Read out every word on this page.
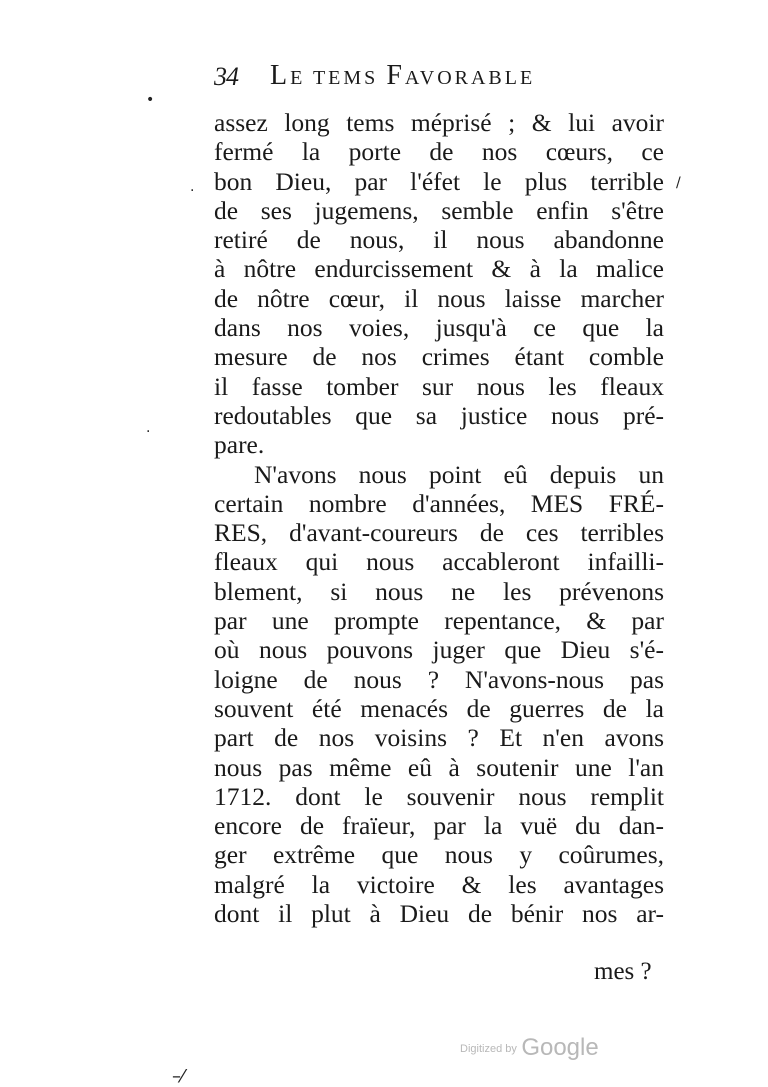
34 LE TEMS FAVORABLE
assez long tems méprisé ; & lui avoir
fermé la porte de nos cœurs, ce
bon Dieu, par l'éfet le plus terrible
de ses jugemens, semble enfin s'être
retiré de nous, il nous abandonne
à nôtre endurcissement & à la malice
de nôtre cœur, il nous laisse marcher
dans nos voies, jusqu'à ce que la
mesure de nos crimes étant comble
il fasse tomber sur nous les fleaux
redoutables que sa justice nous pré-
pare.
N'avons nous point eû depuis un
certain nombre d'années, MES FRÉ-
RES, d'avant-coureurs de ces terribles
fleaux qui nous accableront infailli-
blement, si nous ne les prévenons
par une prompte repentance, & par
où nous pouvons juger que Dieu s'é-
loigne de nous ? N'avons-nous pas
souvent été menacés de guerres de la
part de nos voisins ? Et n'en avons
nous pas même eû à soutenir une l'an
1712. dont le souvenir nous remplit
encore de fraïeur, par la vuë du dan-
ger extrême que nous y coûrumes,
malgré la victoire & les avantages
dont il plut à Dieu de bénir nos ar-
mes ?
•
·
·
/
–⁄
Digitized by Google
